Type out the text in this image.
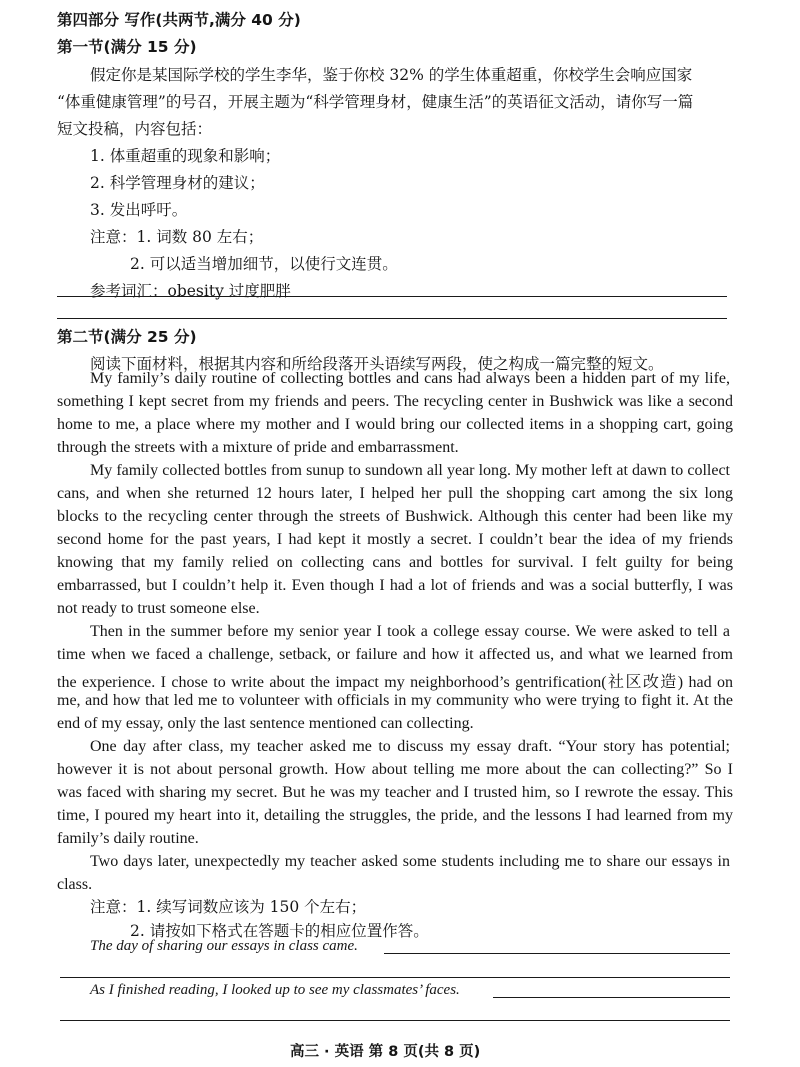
第四部分 写作(共两节,满分 40 分)

第一节(满分 15 分)

假定你是某国际学校的学生李华，鉴于你校 32% 的学生体重超重，你校学生会响应国家

“体重健康管理”的号召，开展主题为“科学管理身材，健康生活”的英语征文活动，请你写一篇

短文投稿，内容包括：

1. 体重超重的现象和影响；

2. 科学管理身材的建议；

3. 发出呼吁。

注意：1. 词数 80 左右；

2. 可以适当增加细节，以使行文连贯。

参考词汇：obesity 过度肥胖

第二节(满分 25 分)

阅读下面材料，根据其内容和所给段落开头语续写两段，使之构成一篇完整的短文。

My family’s daily routine of collecting bottles and cans had always been a hidden part of my life,

something I kept secret from my friends and peers. The recycling center in Bushwick was like a second

home to me, a place where my mother and I would bring our collected items in a shopping cart, going

through the streets with a mixture of pride and embarrassment.

My family collected bottles from sunup to sundown all year long. My mother left at dawn to collect

cans, and when she returned 12 hours later, I helped her pull the shopping cart among the six long

blocks to the recycling center through the streets of Bushwick. Although this center had been like my

second home for the past years, I had kept it mostly a secret. I couldn’t bear the idea of my friends

knowing that my family relied on collecting cans and bottles for survival. I felt guilty for being

embarrassed, but I couldn’t help it. Even though I had a lot of friends and was a social butterfly, I was

not ready to trust someone else.

Then in the summer before my senior year I took a college essay course. We were asked to tell a

time when we faced a challenge, setback, or failure and how it affected us, and what we learned from

the experience. I chose to write about the impact my neighborhood’s gentrification(社区改造) had on

me, and how that led me to volunteer with officials in my community who were trying to fight it. At the

end of my essay, only the last sentence mentioned can collecting.

One day after class, my teacher asked me to discuss my essay draft. “Your story has potential;

however it is not about personal growth. How about telling me more about the can collecting?” So I

was faced with sharing my secret. But he was my teacher and I trusted him, so I rewrote the essay. This

time, I poured my heart into it, detailing the struggles, the pride, and the lessons I had learned from my

family’s daily routine.

Two days later, unexpectedly my teacher asked some students including me to share our essays in

class.

注意：1. 续写词数应该为 150 个左右；

2. 请按如下格式在答题卡的相应位置作答。

The day of sharing our essays in class came.

As I finished reading, I looked up to see my classmates’ faces.

高三 · 英语 第 8 页(共 8 页)
